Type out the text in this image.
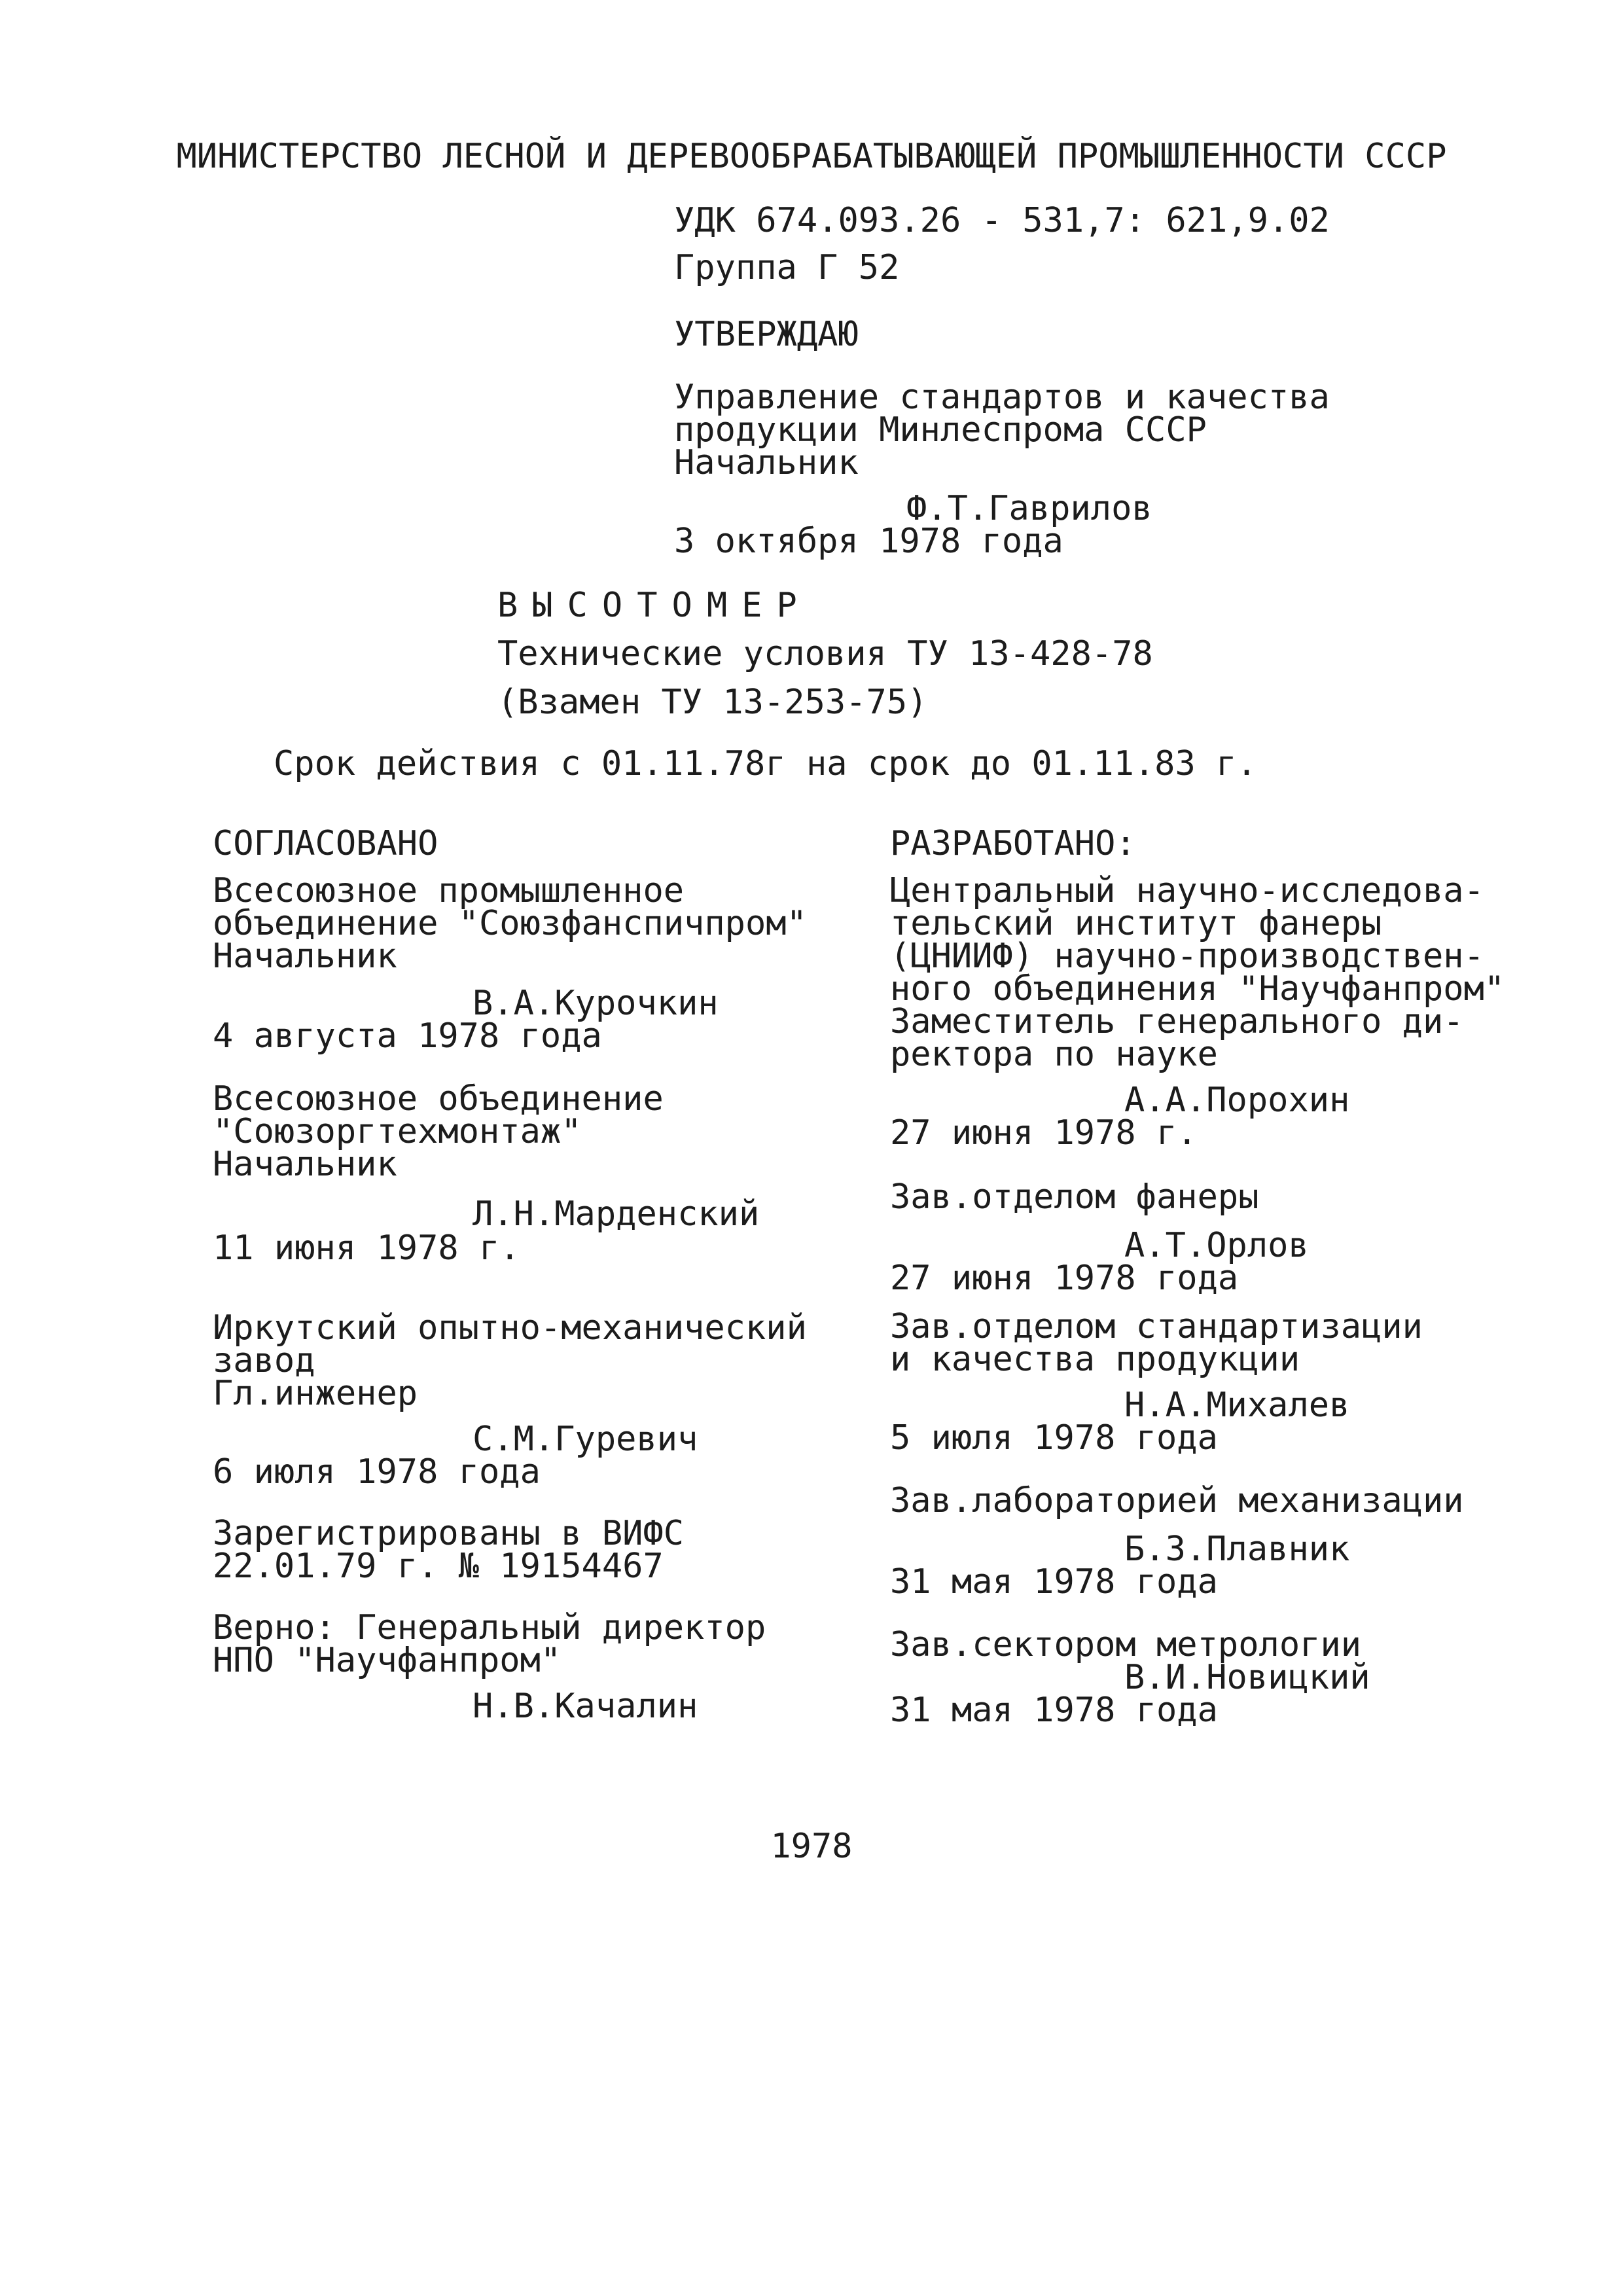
МИНИСТЕРСТВО ЛЕСНОЙ И ДЕРЕВООБРАБАТЫВАЮЩЕЙ ПРОМЫШЛЕННОСТИ СССР
УДК 674.093.26 - 531,7: 621,9.02
Группа Г 52
УТВЕРЖДАЮ
Управление стандартов и качества
продукции Минлеспрома СССР
Начальник
Ф.Т.Гаврилов
3 октября 1978 года
ВЫСОТОМЕР
Технические условия ТУ 13-428-78
(Взамен ТУ 13-253-75)
Срок действия с 01.11.78г на срок до 01.11.83 г.
СОГЛАСОВАНО
Всесоюзное промышленное
объединение "Союзфанспичпром"
Начальник
В.А.Курочкин
4 августа 1978 года
Всесоюзное объединение
"Союзоргтехмонтаж"
Начальник
Л.Н.Марденский
11 июня 1978 г.
Иркутский опытно-механический
завод
Гл.инженер
С.М.Гуревич
6 июля 1978 года
Зарегистрированы в ВИФС
22.01.79 г. № 19154467
Верно: Генеральный директор
НПО "Научфанпром"
Н.В.Качалин
РАЗРАБОТАНО:
Центральный научно-исследова-
тельский институт фанеры
(ЦНИИФ) научно-производствен-
ного объединения "Научфанпром"
Заместитель генерального ди-
ректора по науке
А.А.Порохин
27 июня 1978 г.
Зав.отделом фанеры
А.Т.Орлов
27 июня 1978 года
Зав.отделом стандартизации
и качества продукции
Н.А.Михалев
5 июля 1978 года
Зав.лабораторией механизации
Б.З.Плавник
31 мая 1978 года
Зав.сектором метрологии
В.И.Новицкий
31 мая 1978 года
1978
